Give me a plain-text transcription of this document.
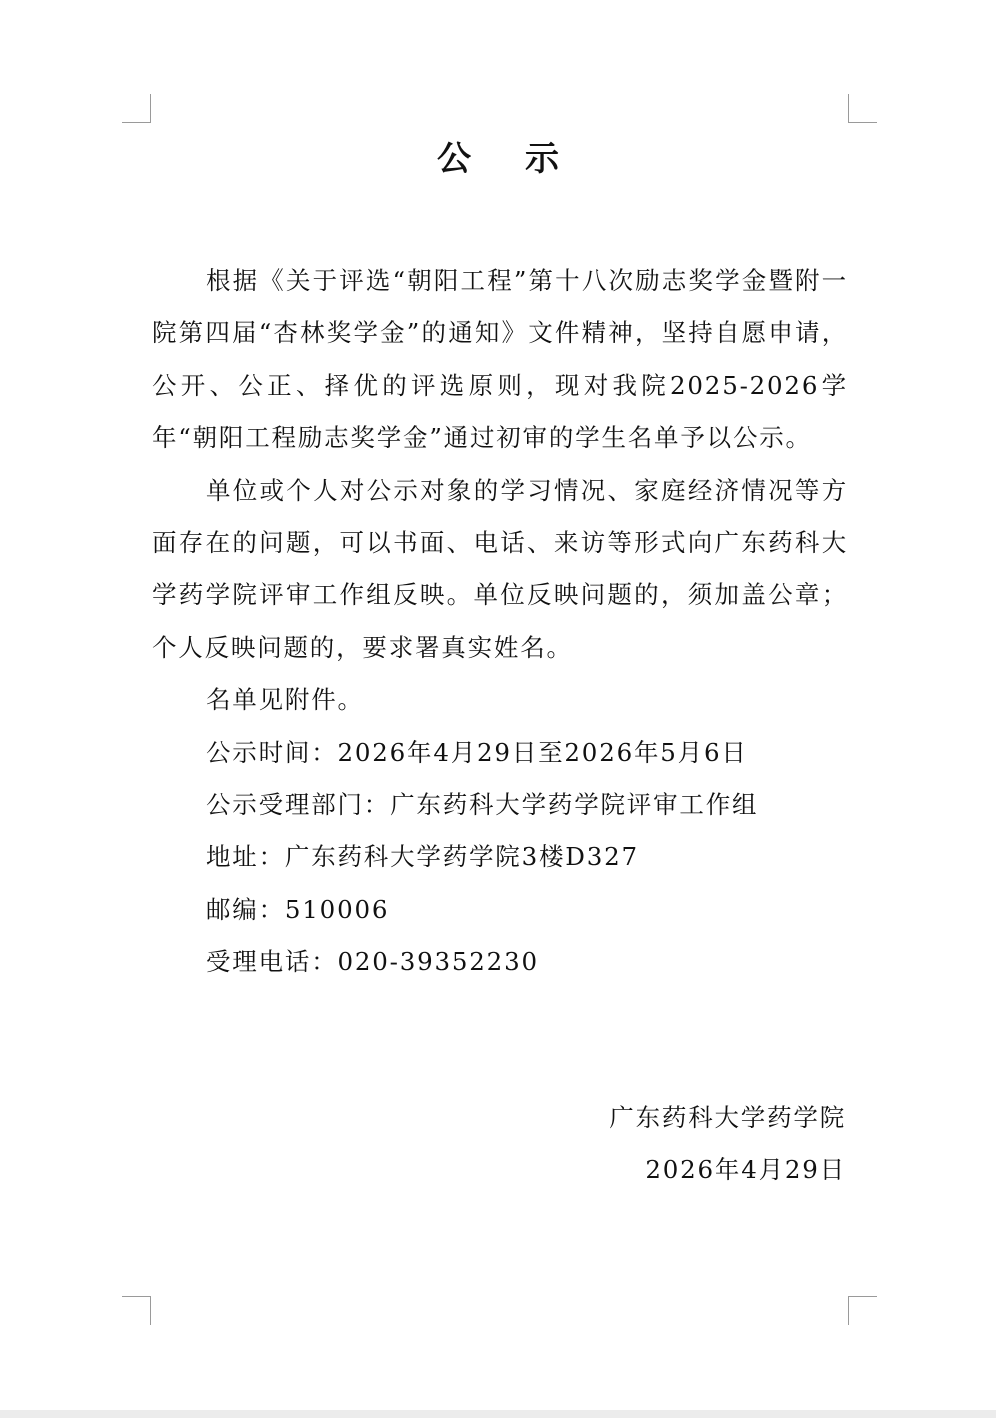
公示

根据《关于评选“朝阳工程”第十八次励志奖学金暨附一院第四届“杏林奖学金”的通知》文件精神，坚持自愿申请，公开、公正、择优的评选原则，现对我院2025-2026学年“朝阳工程励志奖学金”通过初审的学生名单予以公示。

单位或个人对公示对象的学习情况、家庭经济情况等方面存在的问题，可以书面、电话、来访等形式向广东药科大学药学院评审工作组反映。单位反映问题的，须加盖公章；个人反映问题的，要求署真实姓名。

名单见附件。

公示时间：2026年4月29日至2026年5月6日

公示受理部门：广东药科大学药学院评审工作组

地址：广东药科大学药学院3楼D327

邮编：510006

受理电话：020-39352230

广东药科大学药学院
2026年4月29日
